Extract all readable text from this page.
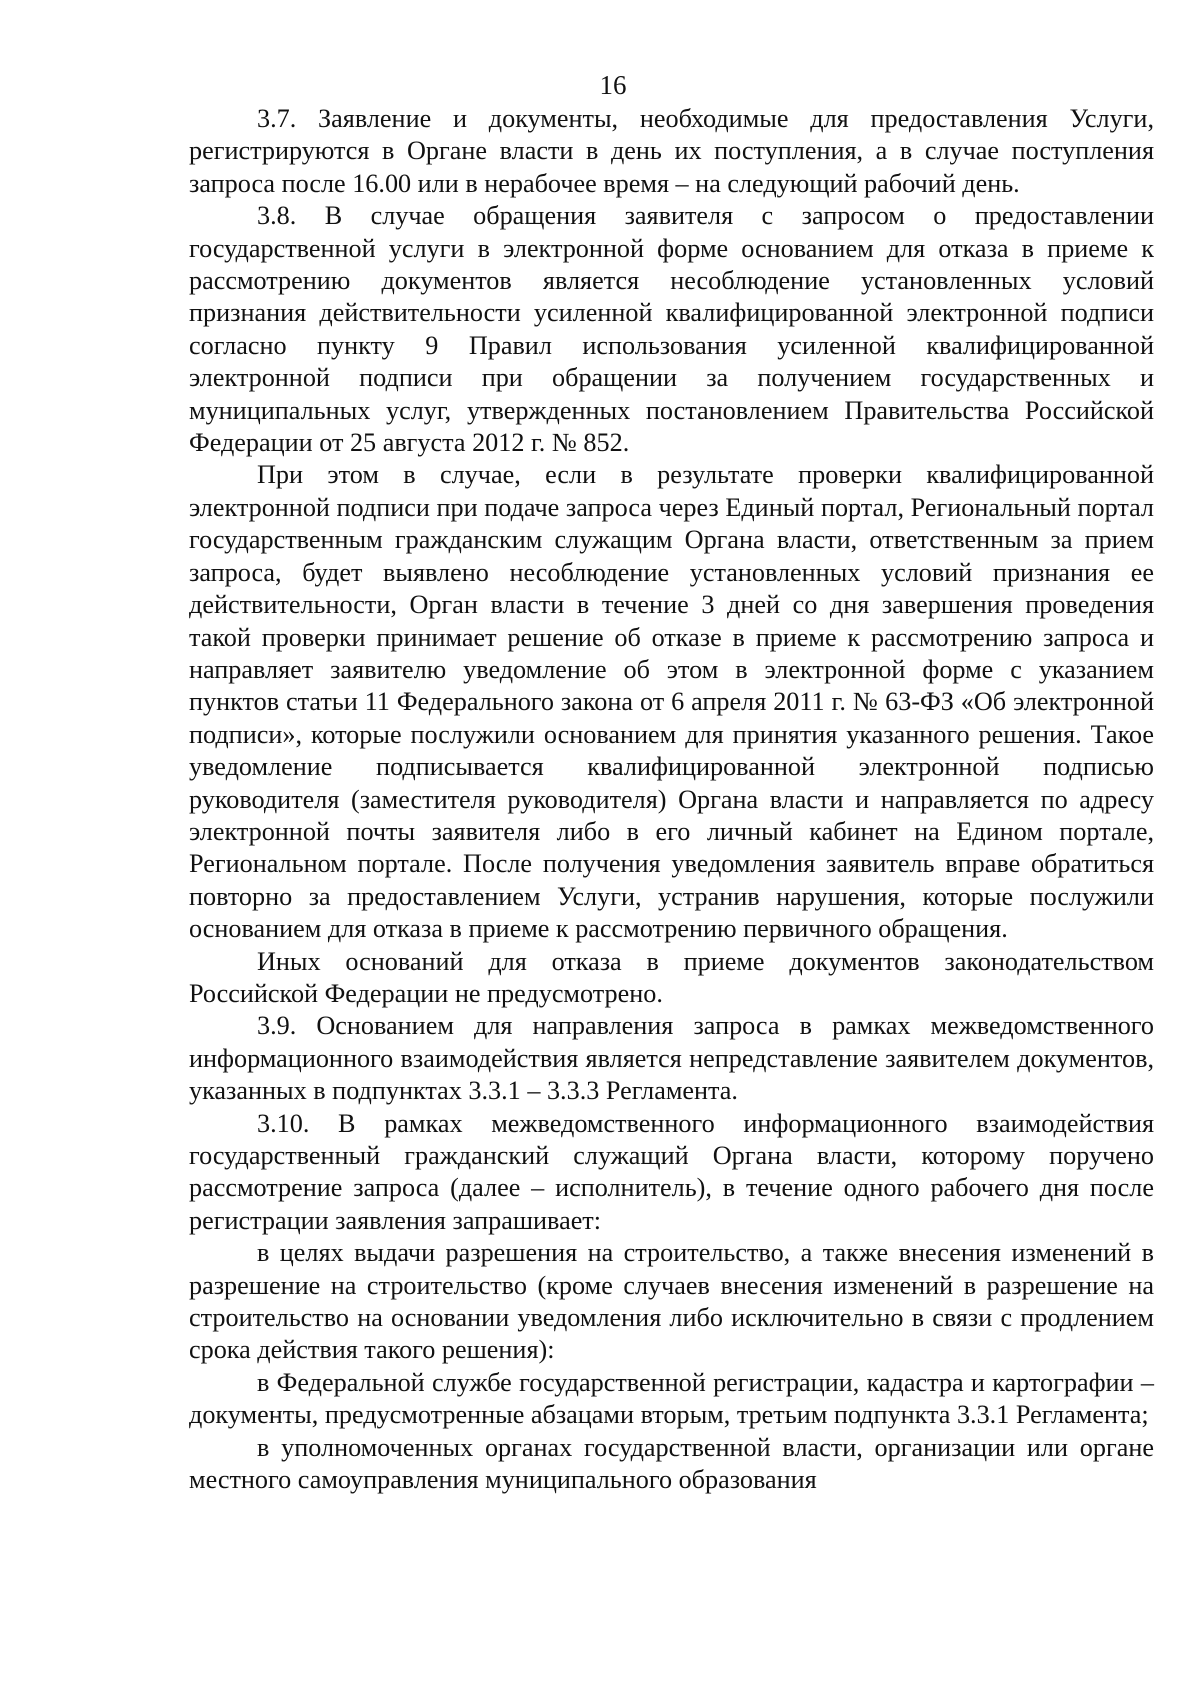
16

3.7. Заявление и документы, необходимые для предоставления Услуги, регистрируются в Органе власти в день их поступления, а в случае поступления запроса после 16.00 или в нерабочее время – на следующий рабочий день.

3.8. В случае обращения заявителя с запросом о предоставлении государственной услуги в электронной форме основанием для отказа в приеме к рассмотрению документов является несоблюдение установленных условий признания действительности усиленной квалифицированной электронной подписи согласно пункту 9 Правил использования усиленной квалифицированной электронной подписи при обращении за получением государственных и муниципальных услуг, утвержденных постановлением Правительства Российской Федерации от 25 августа 2012 г. № 852.

При этом в случае, если в результате проверки квалифицированной электронной подписи при подаче запроса через Единый портал, Региональный портал государственным гражданским служащим Органа власти, ответственным за прием запроса, будет выявлено несоблюдение установленных условий признания ее действительности, Орган власти в течение 3 дней со дня завершения проведения такой проверки принимает решение об отказе в приеме к рассмотрению запроса и направляет заявителю уведомление об этом в электронной форме с указанием пунктов статьи 11 Федерального закона от 6 апреля 2011 г. № 63-ФЗ «Об электронной подписи», которые послужили основанием для принятия указанного решения. Такое уведомление подписывается квалифицированной электронной подписью руководителя (заместителя руководителя) Органа власти и направляется по адресу электронной почты заявителя либо в его личный кабинет на Едином портале, Региональном портале. После получения уведомления заявитель вправе обратиться повторно за предоставлением Услуги, устранив нарушения, которые послужили основанием для отказа в приеме к рассмотрению первичного обращения.

Иных оснований для отказа в приеме документов законодательством Российской Федерации не предусмотрено.

3.9. Основанием для направления запроса в рамках межведомственного информационного взаимодействия является непредставление заявителем документов, указанных в подпунктах 3.3.1 – 3.3.3 Регламента.

3.10. В рамках межведомственного информационного взаимодействия государственный гражданский служащий Органа власти, которому поручено рассмотрение запроса (далее – исполнитель), в течение одного рабочего дня после регистрации заявления запрашивает:

в целях выдачи разрешения на строительство, а также внесения изменений в разрешение на строительство (кроме случаев внесения изменений в разрешение на строительство на основании уведомления либо исключительно в связи с продлением срока действия такого решения):

в Федеральной службе государственной регистрации, кадастра и картографии – документы, предусмотренные абзацами вторым, третьим подпункта 3.3.1 Регламента;

в уполномоченных органах государственной власти, организации или органе местного самоуправления муниципального образования
